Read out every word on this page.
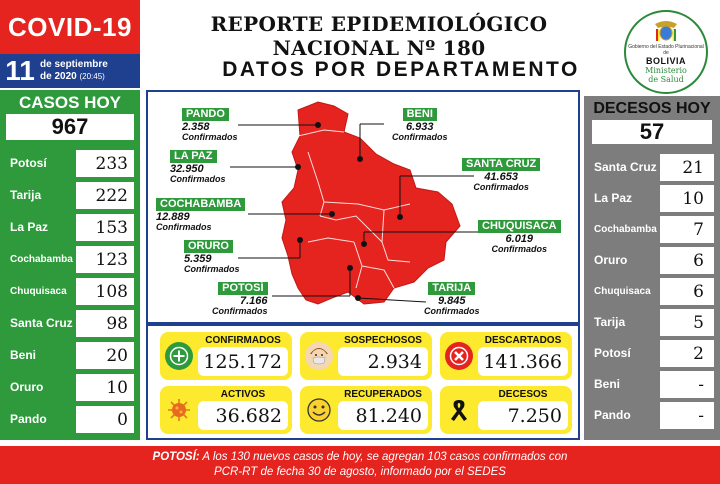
COVID-19
11 de septiembre
de 2020 (20:45)
REPORTE EPIDEMIOLÓGICO NACIONAL Nº 180
DATOS POR DEPARTAMENTO
Gobierno del Estado Plurinacional de
BOLIVIA
Ministerio
de Salud
CASOS HOY
967
Potosí	233
Tarija	222
La Paz	153
Cochabamba	123
Chuquisaca	108
Santa Cruz	98
Beni	20
Oruro	10
Pando	0
DECESOS HOY
57
Santa Cruz	21
La Paz	10
Cochabamba	7
Oruro	6
Chuquisaca	6
Tarija	5
Potosí	2
Beni	-
Pando	-
PANDO
2.358
Confirmados
BENI
6.933
Confirmados
LA PAZ
32.950
Confirmados
SANTA CRUZ
41.653
Confirmados
COCHABAMBA
12.889
Confirmados	CHUQUISACA
6.019
Confirmados
ORURO
5.359
Confirmados
POTOSÍ
7.166
Confirmados
TARIJA
9.845
Confirmados
CONFIRMADOS
125.172
SOSPECHOSOS
2.934
DESCARTADOS
141.366
ACTIVOS
36.682
RECUPERADOS
81.240
DECESOS
7.250
POTOSÍ: A los 130 nuevos casos de hoy, se agregan 103 casos confirmados con
PCR-RT de fecha 30 de agosto, informado por el SEDES
